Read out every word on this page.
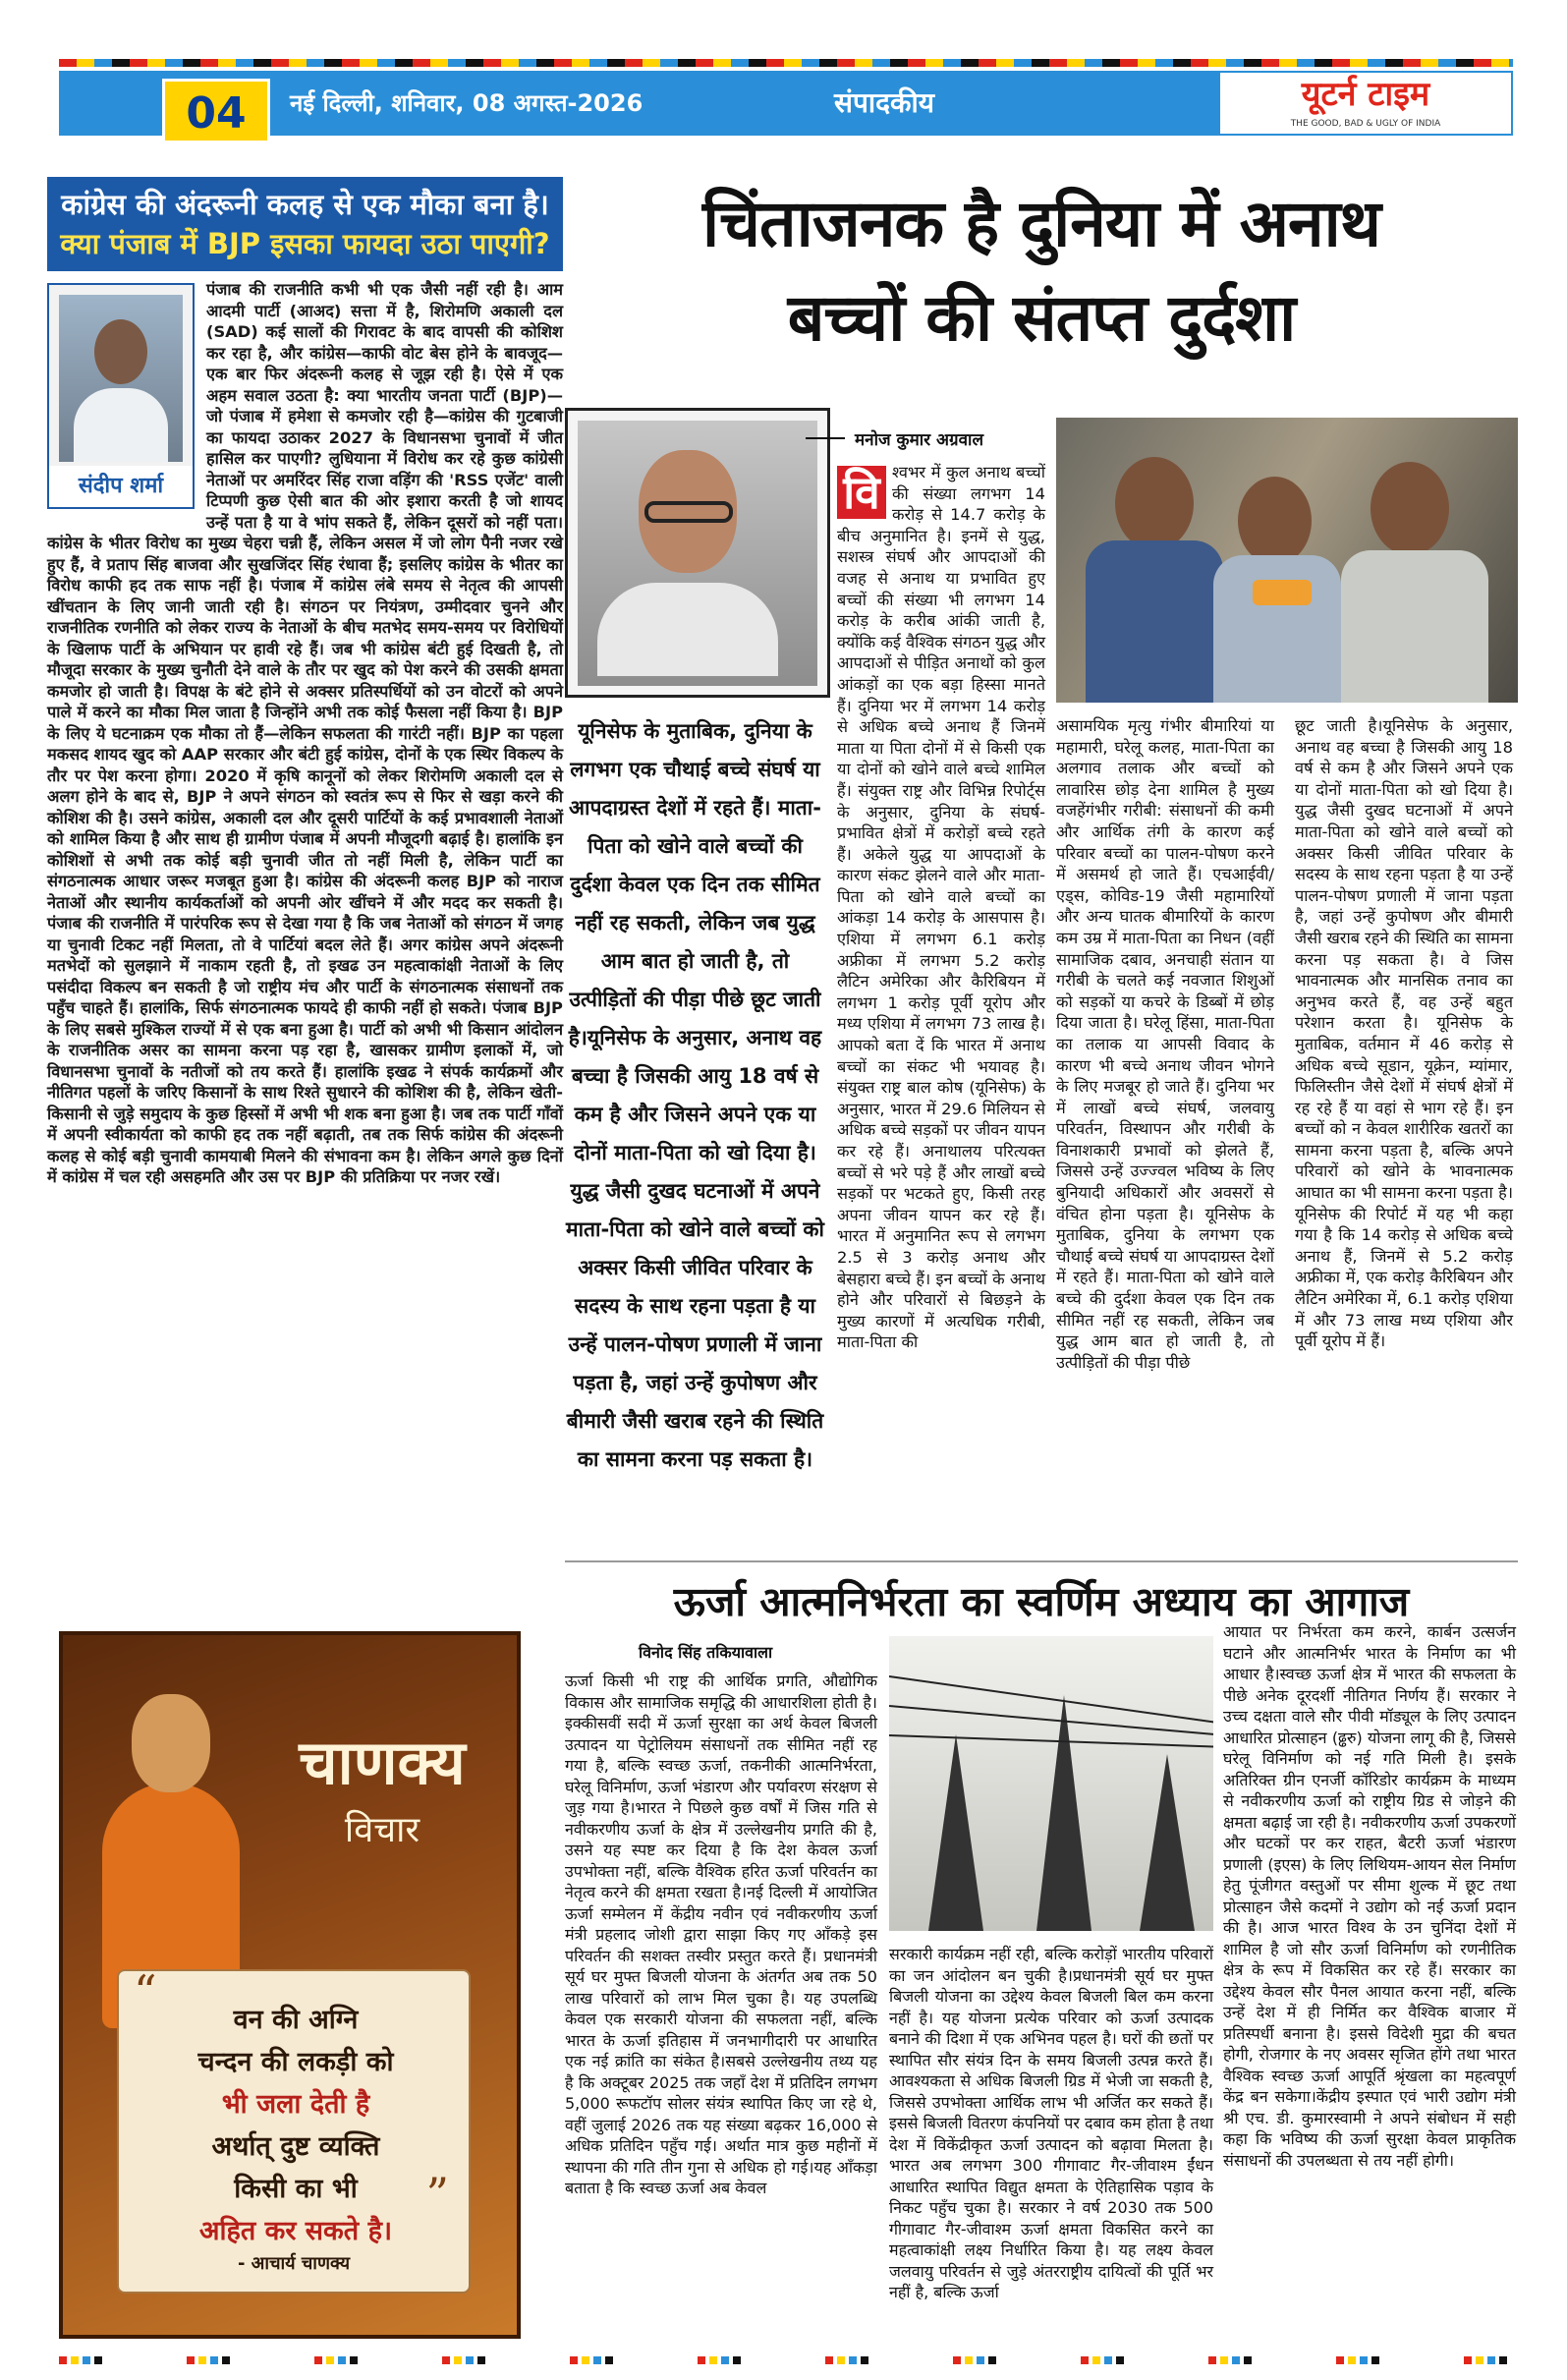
04	नई दिल्ली, शनिवार, 08 अगस्त-2026	संपादकीय	यूटर्न टाइम
THE GOOD, BAD & UGLY OF INDIA
कांग्रेस की अंदरूनी कलह से एक मौका बना है।
क्या पंजाब में BJP इसका फायदा उठा पाएगी?
संदीप शर्मा
पंजाब की राजनीति कभी भी एक जैसी नहीं रही है। आम आदमी पार्टी (आअद) सत्ता में है, शिरोमणि अकाली दल (SAD) कई सालों की गिरावट के बाद वापसी की कोशिश कर रहा है, और कांग्रेस—काफी वोट बेस होने के बावजूद—एक बार फिर अंदरूनी कलह से जूझ रही है। ऐसे में एक अहम सवाल उठता है: क्या भारतीय जनता पार्टी (BJP)—जो पंजाब में हमेशा से कमजोर रही है—कांग्रेस की गुटबाजी का फायदा उठाकर 2027 के विधानसभा चुनावों में जीत हासिल कर पाएगी? लुधियाना में विरोध कर रहे कुछ कांग्रेसी नेताओं पर अमरिंदर सिंह राजा वड़िंग की 'RSS एजेंट' वाली टिप्पणी कुछ ऐसी बात की ओर इशारा करती है जो शायद उन्हें पता है या वे भांप सकते हैं, लेकिन दूसरों को नहीं पता। कांग्रेस के भीतर विरोध का मुख्य चेहरा चन्नी हैं, लेकिन असल में जो लोग पैनी नजर रखे हुए हैं, वे प्रताप सिंह बाजवा और सुखजिंदर सिंह रंधावा हैं; इसलिए कांग्रेस के भीतर का विरोध काफी हद तक साफ नहीं है। पंजाब में कांग्रेस लंबे समय से नेतृत्व की आपसी खींचतान के लिए जानी जाती रही है। संगठन पर नियंत्रण, उम्मीदवार चुनने और राजनीतिक रणनीति को लेकर राज्य के नेताओं के बीच मतभेद समय-समय पर विरोधियों के खिलाफ पार्टी के अभियान पर हावी रहे हैं। जब भी कांग्रेस बंटी हुई दिखती है, तो मौजूदा सरकार के मुख्य चुनौती देने वाले के तौर पर खुद को पेश करने की उसकी क्षमता कमजोर हो जाती है। विपक्ष के बंटे होने से अक्सर प्रतिस्पर्धियों को उन वोटरों को अपने पाले में करने का मौका मिल जाता है जिन्होंने अभी तक कोई फैसला नहीं किया है। BJP के लिए ये घटनाक्रम एक मौका तो हैं—लेकिन सफलता की गारंटी नहीं। BJP का पहला मकसद शायद खुद को AAP सरकार और बंटी हुई कांग्रेस, दोनों के एक स्थिर विकल्प के तौर पर पेश करना होगा। 2020 में कृषि कानूनों को लेकर शिरोमणि अकाली दल से अलग होने के बाद से, BJP ने अपने संगठन को स्वतंत्र रूप से फिर से खड़ा करने की कोशिश की है। उसने कांग्रेस, अकाली दल और दूसरी पार्टियों के कई प्रभावशाली नेताओं को शामिल किया है और साथ ही ग्रामीण पंजाब में अपनी मौजूदगी बढ़ाई है। हालांकि इन कोशिशों से अभी तक कोई बड़ी चुनावी जीत तो नहीं मिली है, लेकिन पार्टी का संगठनात्मक आधार जरूर मजबूत हुआ है। कांग्रेस की अंदरूनी कलह BJP को नाराज नेताओं और स्थानीय कार्यकर्ताओं को अपनी ओर खींचने में और मदद कर सकती है। पंजाब की राजनीति में पारंपरिक रूप से देखा गया है कि जब नेताओं को संगठन में जगह या चुनावी टिकट नहीं मिलता, तो वे पार्टियां बदल लेते हैं। अगर कांग्रेस अपने अंदरूनी मतभेदों को सुलझाने में नाकाम रहती है, तो इखढ उन महत्वाकांक्षी नेताओं के लिए पसंदीदा विकल्प बन सकती है जो राष्ट्रीय मंच और पार्टी के संगठनात्मक संसाधनों तक पहुँच चाहते हैं। हालांकि, सिर्फ संगठनात्मक फायदे ही काफी नहीं हो सकते। पंजाब BJP के लिए सबसे मुश्किल राज्यों में से एक बना हुआ है। पार्टी को अभी भी किसान आंदोलन के राजनीतिक असर का सामना करना पड़ रहा है, खासकर ग्रामीण इलाकों में, जो विधानसभा चुनावों के नतीजों को तय करते हैं। हालांकि इखढ ने संपर्क कार्यक्रमों और नीतिगत पहलों के जरिए किसानों के साथ रिश्ते सुधारने की कोशिश की है, लेकिन खेती-किसानी से जुड़े समुदाय के कुछ हिस्सों में अभी भी शक बना हुआ है। जब तक पार्टी गाँवों में अपनी स्वीकार्यता को काफी हद तक नहीं बढ़ाती, तब तक सिर्फ कांग्रेस की अंदरूनी कलह से कोई बड़ी चुनावी कामयाबी मिलने की संभावना कम है। लेकिन अगले कुछ दिनों में कांग्रेस में चल रही असहमति और उस पर BJP की प्रतिक्रिया पर नजर रखें।
चाणक्य
विचार
“
वन की अग्नि
चन्दन की लकड़ी को
भी जला देती है
अर्थात् दुष्ट व्यक्ति
किसी का भी
अहित कर सकते है।
”
- आचार्य चाणक्य
चिंताजनक है दुनिया में अनाथ
बच्चों की संतप्त दुर्दशा
मनोज कुमार अग्रवाल
यूनिसेफ के मुताबिक, दुनिया के लगभग एक चौथाई बच्चे संघर्ष या आपदाग्रस्त देशों में रहते हैं। माता-पिता को खोने वाले बच्चों की दुर्दशा केवल एक दिन तक सीमित नहीं रह सकती, लेकिन जब युद्ध आम बात हो जाती है, तो उत्पीड़ितों की पीड़ा पीछे छूट जाती है।यूनिसेफ के अनुसार, अनाथ वह बच्चा है जिसकी आयु 18 वर्ष से कम है और जिसने अपने एक या दोनों माता-पिता को खो दिया है। युद्ध जैसी दुखद घटनाओं में अपने माता-पिता को खोने वाले बच्चों को अक्सर किसी जीवित परिवार के सदस्य के साथ रहना पड़ता है या उन्हें पालन-पोषण प्रणाली में जाना पड़ता है, जहां उन्हें कुपोषण और बीमारी जैसी खराब रहने की स्थिति का सामना करना पड़ सकता है।
वि श्वभर में कुल अनाथ बच्चों की संख्या लगभग 14 करोड़ से 14.7 करोड़ के बीच अनुमानित है। इनमें से युद्ध, सशस्त्र संघर्ष और आपदाओं की वजह से अनाथ या प्रभावित हुए बच्चों की संख्या भी लगभग 14 करोड़ के करीब आंकी जाती है, क्योंकि कई वैश्विक संगठन युद्ध और आपदाओं से पीड़ित अनाथों को कुल आंकड़ों का एक बड़ा हिस्सा मानते हैं। दुनिया भर में लगभग 14 करोड़ से अधिक बच्चे अनाथ हैं जिनमें माता या पिता दोनों में से किसी एक या दोनों को खोने वाले बच्चे शामिल हैं। संयुक्त राष्ट्र और विभिन्न रिपोर्ट्स के अनुसार, दुनिया के संघर्ष-प्रभावित क्षेत्रों में करोड़ों बच्चे रहते हैं। अकेले युद्ध या आपदाओं के कारण संकट झेलने वाले और माता-पिता को खोने वाले बच्चों का आंकड़ा 14 करोड़ के आसपास है। एशिया में लगभग 6.1 करोड़ अफ्रीका में लगभग 5.2 करोड़ लैटिन अमेरिका और कैरिबियन में लगभग 1 करोड़ पूर्वी यूरोप और मध्य एशिया में लगभग 73 लाख है। आपको बता दें कि भारत में अनाथ बच्चों का संकट भी भयावह है। संयुक्त राष्ट्र बाल कोष (यूनिसेफ) के अनुसार, भारत में 29.6 मिलियन से अधिक बच्चे सड़कों पर जीवन यापन कर रहे हैं। अनाथालय परित्यक्त बच्चों से भरे पड़े हैं और लाखों बच्चे सड़कों पर भटकते हुए, किसी तरह अपना जीवन यापन कर रहे हैं। भारत में अनुमानित रूप से लगभग 2.5 से 3 करोड़ अनाथ और बेसहारा बच्चे हैं। इन बच्चों के अनाथ होने और परिवारों से बिछड़ने के मुख्य कारणों में अत्यधिक गरीबी, माता-पिता की
असामयिक मृत्यु गंभीर बीमारियां या महामारी, घरेलू कलह, माता-पिता का अलगाव तलाक और बच्चों को लावारिस छोड़ देना शामिल है मुख्य वजहेंगंभीर गरीबी: संसाधनों की कमी और आर्थिक तंगी के कारण कई परिवार बच्चों का पालन-पोषण करने में असमर्थ हो जाते हैं। एचआईवी/एड्स, कोविड-19 जैसी महामारियों और अन्य घातक बीमारियों के कारण कम उम्र में माता-पिता का निधन (वहीं सामाजिक दबाव, अनचाही संतान या गरीबी के चलते कई नवजात शिशुओं को सड़कों या कचरे के डिब्बों में छोड़ दिया जाता है। घरेलू हिंसा, माता-पिता का तलाक या आपसी विवाद के कारण भी बच्चे अनाथ जीवन भोगने के लिए मजबूर हो जाते हैं। दुनिया भर में लाखों बच्चे संघर्ष, जलवायु परिवर्तन, विस्थापन और गरीबी के विनाशकारी प्रभावों को झेलते हैं, जिससे उन्हें उज्ज्वल भविष्य के लिए बुनियादी अधिकारों और अवसरों से वंचित होना पड़ता है। यूनिसेफ के मुताबिक, दुनिया के लगभग एक चौथाई बच्चे संघर्ष या आपदाग्रस्त देशों में रहते हैं। माता-पिता को खोने वाले बच्चे की दुर्दशा केवल एक दिन तक सीमित नहीं रह सकती, लेकिन जब युद्ध आम बात हो जाती है, तो उत्पीड़ितों की पीड़ा पीछे
छूट जाती है।यूनिसेफ के अनुसार, अनाथ वह बच्चा है जिसकी आयु 18 वर्ष से कम है और जिसने अपने एक या दोनों माता-पिता को खो दिया है। युद्ध जैसी दुखद घटनाओं में अपने माता-पिता को खोने वाले बच्चों को अक्सर किसी जीवित परिवार के सदस्य के साथ रहना पड़ता है या उन्हें पालन-पोषण प्रणाली में जाना पड़ता है, जहां उन्हें कुपोषण और बीमारी जैसी खराब रहने की स्थिति का सामना करना पड़ सकता है। वे जिस भावनात्मक और मानसिक तनाव का अनुभव करते हैं, वह उन्हें बहुत परेशान करता है। यूनिसेफ के मुताबिक, वर्तमान में 46 करोड़ से अधिक बच्चे सूडान, यूक्रेन, म्यांमार, फिलिस्तीन जैसे देशों में संघर्ष क्षेत्रों में रह रहे हैं या वहां से भाग रहे हैं। इन बच्चों को न केवल शारीरिक खतरों का सामना करना पड़ता है, बल्कि अपने परिवारों को खोने के भावनात्मक आघात का भी सामना करना पड़ता है। यूनिसेफ की रिपोर्ट में यह भी कहा गया है कि 14 करोड़ से अधिक बच्चे अनाथ हैं, जिनमें से 5.2 करोड़ अफ्रीका में, एक करोड़ कैरिबियन और लैटिन अमेरिका में, 6.1 करोड़ एशिया में और 73 लाख मध्य एशिया और पूर्वी यूरोप में हैं।
ऊर्जा आत्मनिर्भरता का स्वर्णिम अध्याय का आगाज
विनोद सिंह तकियावाला
ऊर्जा किसी भी राष्ट्र की आर्थिक प्रगति, औद्योगिक विकास और सामाजिक समृद्धि की आधारशिला होती है। इक्कीसवीं सदी में ऊर्जा सुरक्षा का अर्थ केवल बिजली उत्पादन या पेट्रोलियम संसाधनों तक सीमित नहीं रह गया है, बल्कि स्वच्छ ऊर्जा, तकनीकी आत्मनिर्भरता, घरेलू विनिर्माण, ऊर्जा भंडारण और पर्यावरण संरक्षण से जुड़ गया है।भारत ने पिछले कुछ वर्षों में जिस गति से नवीकरणीय ऊर्जा के क्षेत्र में उल्लेखनीय प्रगति की है, उसने यह स्पष्ट कर दिया है कि देश केवल ऊर्जा उपभोक्ता नहीं, बल्कि वैश्विक हरित ऊर्जा परिवर्तन का नेतृत्व करने की क्षमता रखता है।नई दिल्ली में आयोजित ऊर्जा सम्मेलन में केंद्रीय नवीन एवं नवीकरणीय ऊर्जा मंत्री प्रहलाद जोशी द्वारा साझा किए गए आँकड़े इस परिवर्तन की सशक्त तस्वीर प्रस्तुत करते हैं। प्रधानमंत्री सूर्य घर मुफ्त बिजली योजना के अंतर्गत अब तक 50 लाख परिवारों को लाभ मिल चुका है। यह उपलब्धि केवल एक सरकारी योजना की सफलता नहीं, बल्कि भारत के ऊर्जा इतिहास में जनभागीदारी पर आधारित एक नई क्रांति का संकेत है।सबसे उल्लेखनीय तथ्य यह है कि अक्टूबर 2025 तक जहाँ देश में प्रतिदिन लगभग 5,000 रूफटॉप सोलर संयंत्र स्थापित किए जा रहे थे, वहीं जुलाई 2026 तक यह संख्या बढ़कर 16,000 से अधिक प्रतिदिन पहुँच गई। अर्थात मात्र कुछ महीनों में स्थापना की गति तीन गुना से अधिक हो गई।यह आँकड़ा बताता है कि स्वच्छ ऊर्जा अब केवल
सरकारी कार्यक्रम नहीं रही, बल्कि करोड़ों भारतीय परिवारों का जन आंदोलन बन चुकी है।प्रधानमंत्री सूर्य घर मुफ्त बिजली योजना का उद्देश्य केवल बिजली बिल कम करना नहीं है। यह योजना प्रत्येक परिवार को ऊर्जा उत्पादक बनाने की दिशा में एक अभिनव पहल है। घरों की छतों पर स्थापित सौर संयंत्र दिन के समय बिजली उत्पन्न करते हैं। आवश्यकता से अधिक बिजली ग्रिड में भेजी जा सकती है, जिससे उपभोक्ता आर्थिक लाभ भी अर्जित कर सकते हैं।इससे बिजली वितरण कंपनियों पर दबाव कम होता है तथा देश में विकेंद्रीकृत ऊर्जा उत्पादन को बढ़ावा मिलता है।भारत अब लगभग 300 गीगावाट गैर-जीवाश्म ईंधन आधारित स्थापित विद्युत क्षमता के ऐतिहासिक पड़ाव के निकट पहुँच चुका है। सरकार ने वर्ष 2030 तक 500 गीगावाट गैर-जीवाश्म ऊर्जा क्षमता विकसित करने का महत्वाकांक्षी लक्ष्य निर्धारित किया है। यह लक्ष्य केवल जलवायु परिवर्तन से जुड़े अंतरराष्ट्रीय दायित्वों की पूर्ति भर नहीं है, बल्कि ऊर्जा
आयात पर निर्भरता कम करने, कार्बन उत्सर्जन घटाने और आत्मनिर्भर भारत के निर्माण का भी आधार है।स्वच्छ ऊर्जा क्षेत्र में भारत की सफलता के पीछे अनेक दूरदर्शी नीतिगत निर्णय हैं। सरकार ने उच्च दक्षता वाले सौर पीवी मॉड्यूल के लिए उत्पादन आधारित प्रोत्साहन (ढ्ढरु) योजना लागू की है, जिससे घरेलू विनिर्माण को नई गति मिली है। इसके अतिरिक्त ग्रीन एनर्जी कॉरिडोर कार्यक्रम के माध्यम से नवीकरणीय ऊर्जा को राष्ट्रीय ग्रिड से जोड़ने की क्षमता बढ़ाई जा रही है। नवीकरणीय ऊर्जा उपकरणों और घटकों पर कर राहत, बैटरी ऊर्जा भंडारण प्रणाली (इएस) के लिए लिथियम-आयन सेल निर्माण हेतु पूंजीगत वस्तुओं पर सीमा शुल्क में छूट तथा प्रोत्साहन जैसे कदमों ने उद्योग को नई ऊर्जा प्रदान की है। आज भारत विश्व के उन चुनिंदा देशों में शामिल है जो सौर ऊर्जा विनिर्माण को रणनीतिक क्षेत्र के रूप में विकसित कर रहे हैं। सरकार का उद्देश्य केवल सौर पैनल आयात करना नहीं, बल्कि उन्हें देश में ही निर्मित कर वैश्विक बाजार में प्रतिस्पर्धी बनाना है। इससे विदेशी मुद्रा की बचत होगी, रोजगार के नए अवसर सृजित होंगे तथा भारत वैश्विक स्वच्छ ऊर्जा आपूर्ति श्रृंखला का महत्वपूर्ण केंद्र बन सकेगा।केंद्रीय इस्पात एवं भारी उद्योग मंत्री श्री एच. डी. कुमारस्वामी ने अपने संबोधन में सही कहा कि भविष्य की ऊर्जा सुरक्षा केवल प्राकृतिक संसाधनों की उपलब्धता से तय नहीं होगी।
